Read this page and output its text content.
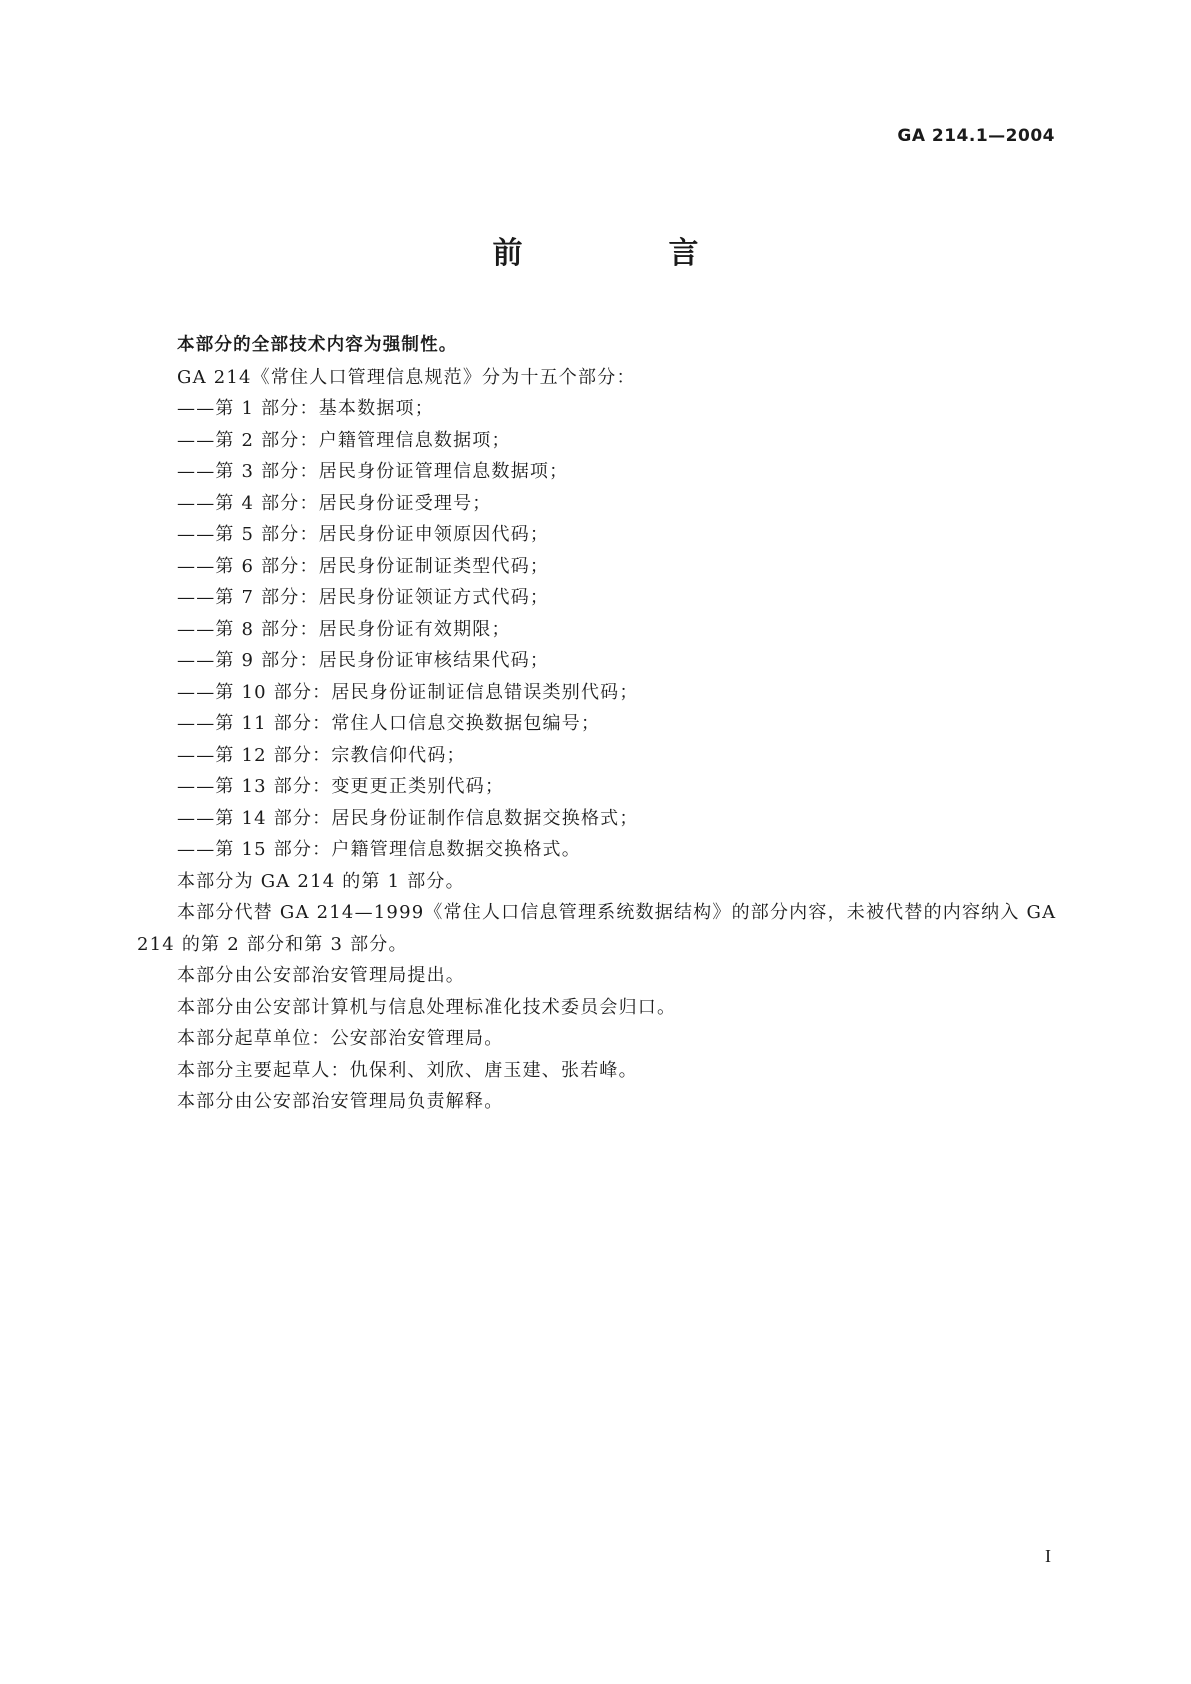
GA 214.1—2004
前　言

本部分的全部技术内容为强制性。

GA 214《常住人口管理信息规范》分为十五个部分：

——第 1 部分：基本数据项；
——第 2 部分：户籍管理信息数据项；
——第 3 部分：居民身份证管理信息数据项；
——第 4 部分：居民身份证受理号；
——第 5 部分：居民身份证申领原因代码；
——第 6 部分：居民身份证制证类型代码；
——第 7 部分：居民身份证领证方式代码；
——第 8 部分：居民身份证有效期限；
——第 9 部分：居民身份证审核结果代码；
——第 10 部分：居民身份证制证信息错误类别代码；
——第 11 部分：常住人口信息交换数据包编号；
——第 12 部分：宗教信仰代码；
——第 13 部分：变更更正类别代码；
——第 14 部分：居民身份证制作信息数据交换格式；
——第 15 部分：户籍管理信息数据交换格式。

本部分为 GA 214 的第 1 部分。

本部分代替 GA 214—1999《常住人口信息管理系统数据结构》的部分内容，未被代替的内容纳入 GA 214 的第 2 部分和第 3 部分。

本部分由公安部治安管理局提出。

本部分由公安部计算机与信息处理标准化技术委员会归口。

本部分起草单位：公安部治安管理局。

本部分主要起草人：仇保利、刘欣、唐玉建、张若峰。

本部分由公安部治安管理局负责解释。

I
